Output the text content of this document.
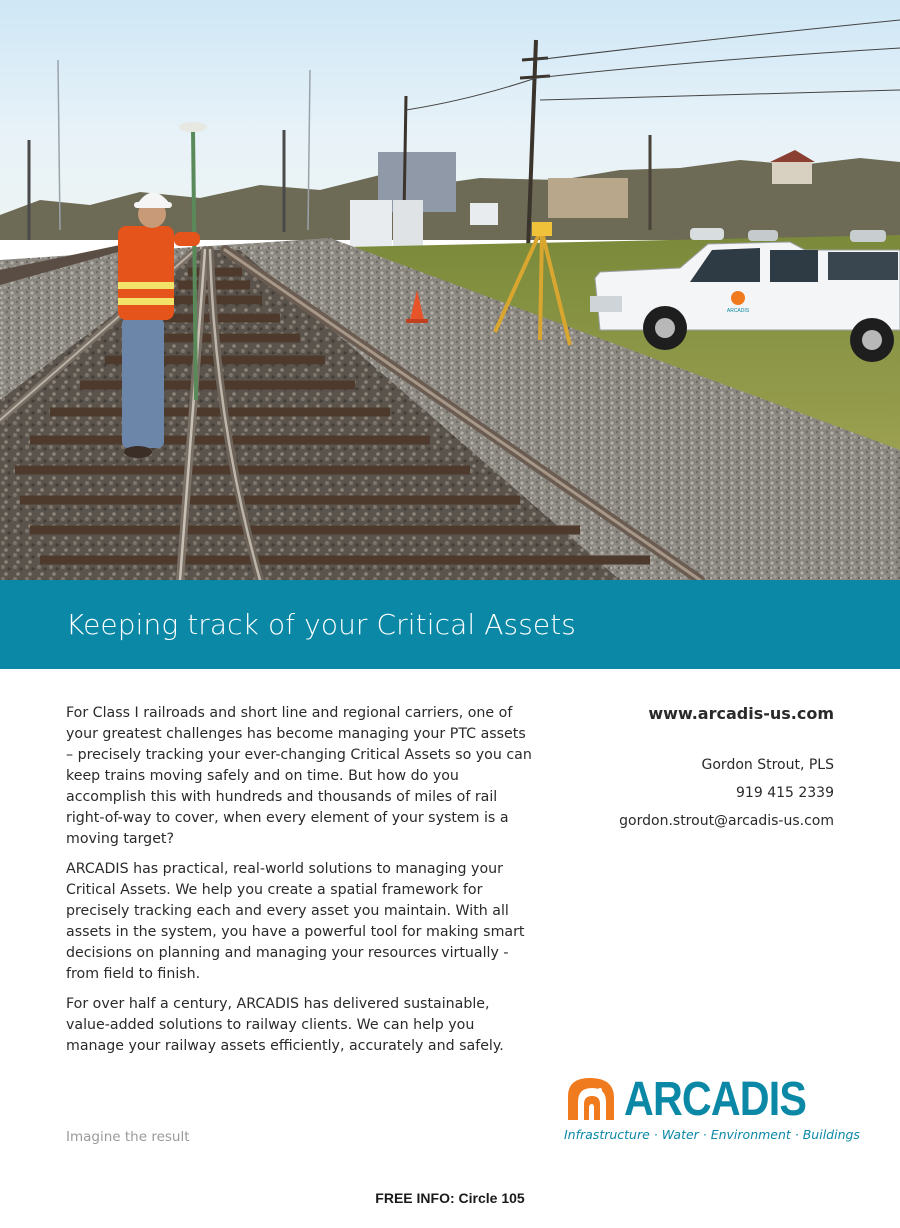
ARCADIS
Keeping track of your Critical Assets

For Class I railroads and short line and regional carriers, one of your greatest challenges has become managing your PTC assets – precisely tracking your ever-changing Critical Assets so you can keep trains moving safely and on time. But how do you accomplish this with hundreds and thousands of miles of rail right-of-way to cover, when every element of your system is a moving target?

ARCADIS has practical, real-world solutions to managing your Critical Assets. We help you create a spatial framework for precisely tracking each and every asset you maintain. With all assets in the system, you have a powerful tool for making smart decisions on planning and managing your resources virtually - from field to finish.

For over half a century, ARCADIS has delivered sustainable, value-added solutions to railway clients. We can help you manage your railway assets efficiently, accurately and safely.

www.arcadis-us.com
Gordon Strout, PLS
919 415 2339
gordon.strout@arcadis-us.com
ARCADIS
Infrastructure · Water · Environment · Buildings
Imagine the result
FREE INFO: Circle 105
